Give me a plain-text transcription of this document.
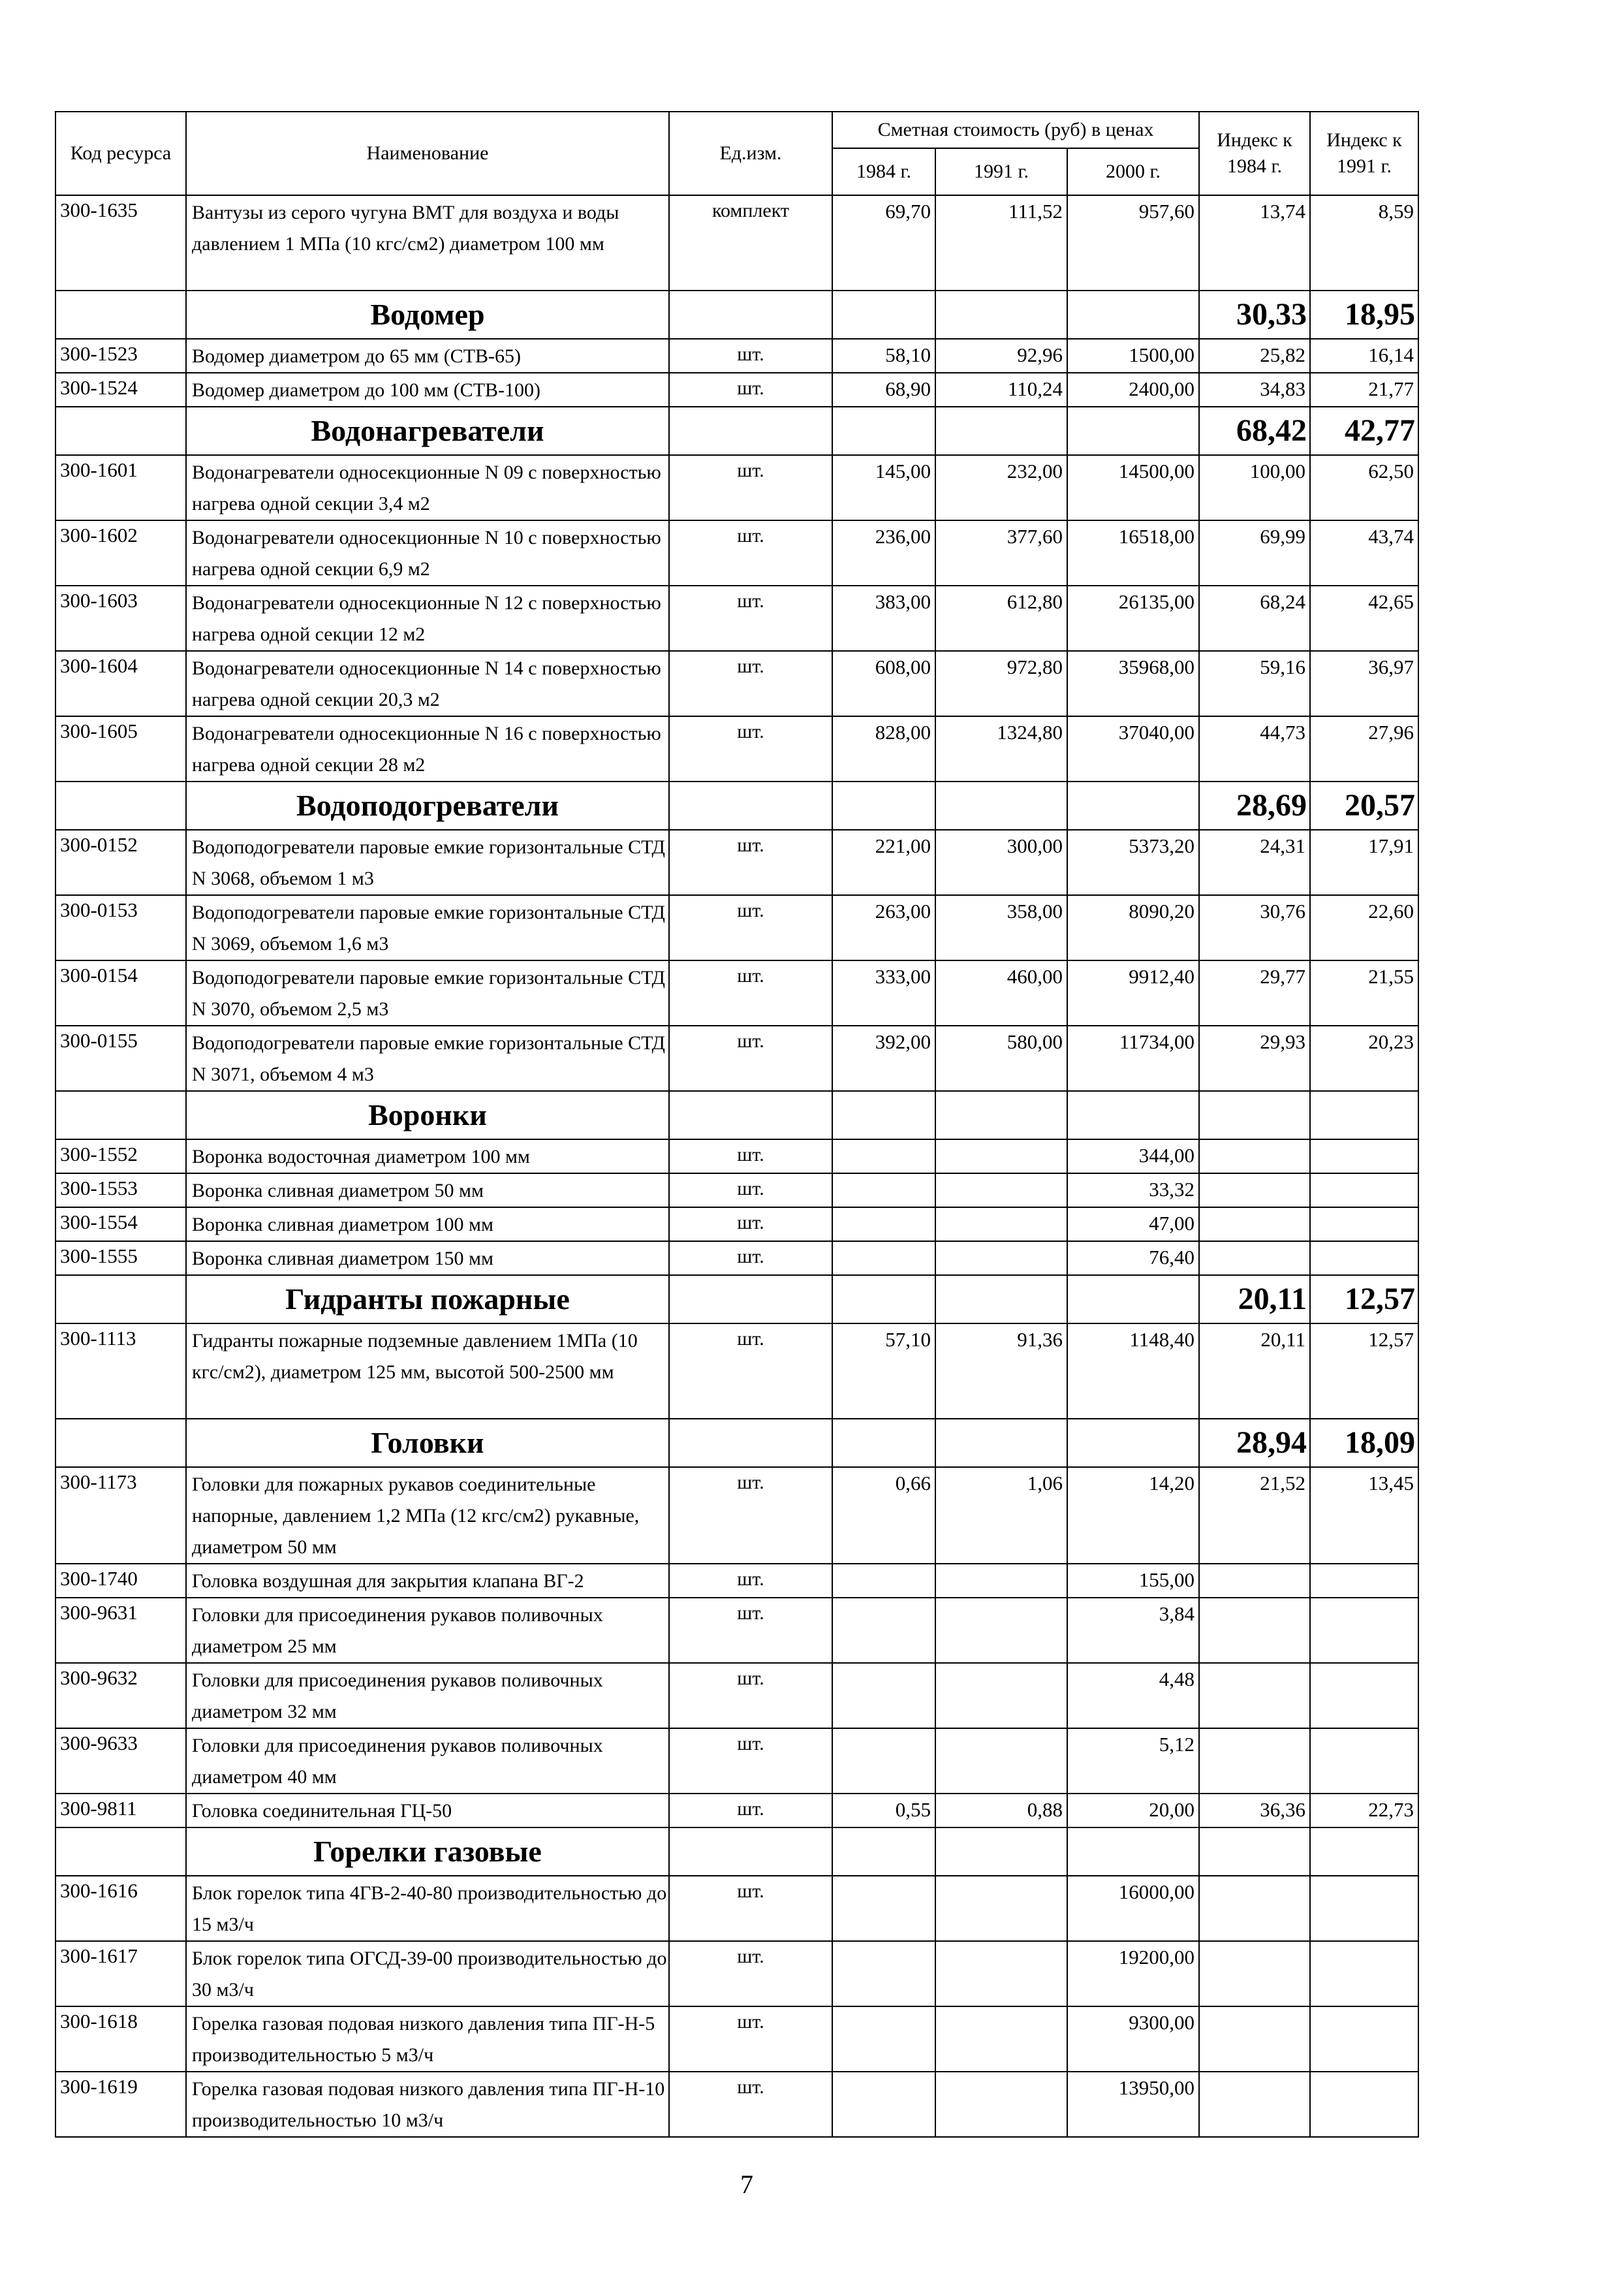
Код ресурса	Наименование	Ед.изм.	Сметная стоимость (руб) в ценах			Индекс к 1984 г.	Индекс к 1991 г.
			1984 г.	1991 г.	2000 г.		
300-1635	Вантузы из серого чугуна ВМТ для воздуха и воды давлением 1 МПа (10 кгс/см2) диаметром 100 мм	комплект	69,70	111,52	957,60	13,74	8,59
	Водомер					30,33	18,95
300-1523	Водомер диаметром до 65 мм (СТВ-65)	шт.	58,10	92,96	1500,00	25,82	16,14
300-1524	Водомер диаметром до 100 мм (СТВ-100)	шт.	68,90	110,24	2400,00	34,83	21,77
	Водонагреватели					68,42	42,77
300-1601	Водонагреватели односекционные N 09 с поверхностью нагрева одной секции 3,4 м2	шт.	145,00	232,00	14500,00	100,00	62,50
300-1602	Водонагреватели односекционные N 10 с поверхностью нагрева одной секции 6,9 м2	шт.	236,00	377,60	16518,00	69,99	43,74
300-1603	Водонагреватели односекционные N 12 с поверхностью нагрева одной секции 12 м2	шт.	383,00	612,80	26135,00	68,24	42,65
300-1604	Водонагреватели односекционные N 14 с поверхностью нагрева одной секции 20,3 м2	шт.	608,00	972,80	35968,00	59,16	36,97
300-1605	Водонагреватели односекционные N 16 с поверхностью нагрева одной секции 28 м2	шт.	828,00	1324,80	37040,00	44,73	27,96
	Водоподогреватели					28,69	20,57
300-0152	Водоподогреватели паровые емкие горизонтальные СТД N 3068, объемом 1 м3	шт.	221,00	300,00	5373,20	24,31	17,91
300-0153	Водоподогреватели паровые емкие горизонтальные СТД N 3069, объемом 1,6 м3	шт.	263,00	358,00	8090,20	30,76	22,60
300-0154	Водоподогреватели паровые емкие горизонтальные СТД N 3070, объемом 2,5 м3	шт.	333,00	460,00	9912,40	29,77	21,55
300-0155	Водоподогреватели паровые емкие горизонтальные СТД N 3071, объемом 4 м3	шт.	392,00	580,00	11734,00	29,93	20,23
	Воронки						
300-1552	Воронка водосточная диаметром 100 мм	шт.			344,00		
300-1553	Воронка сливная диаметром 50 мм	шт.			33,32		
300-1554	Воронка сливная диаметром 100 мм	шт.			47,00		
300-1555	Воронка сливная диаметром 150 мм	шт.			76,40		
	Гидранты пожарные					20,11	12,57
300-1113	Гидранты пожарные подземные давлением 1МПа (10 кгс/см2), диаметром 125 мм, высотой 500-2500 мм	шт.	57,10	91,36	1148,40	20,11	12,57
	Головки					28,94	18,09
300-1173	Головки для пожарных рукавов соединительные напорные, давлением 1,2 МПа (12 кгс/см2) рукавные, диаметром 50 мм	шт.	0,66	1,06	14,20	21,52	13,45
300-1740	Головка воздушная для закрытия клапана ВГ-2	шт.			155,00		
300-9631	Головки для присоединения рукавов поливочных диаметром 25 мм	шт.			3,84		
300-9632	Головки для присоединения рукавов поливочных диаметром 32 мм	шт.			4,48		
300-9633	Головки для присоединения рукавов поливочных диаметром 40 мм	шт.			5,12		
300-9811	Головка соединительная ГЦ-50	шт.	0,55	0,88	20,00	36,36	22,73
	Горелки газовые						
300-1616	Блок горелок типа 4ГВ-2-40-80 производительностью до 15 м3/ч	шт.			16000,00		
300-1617	Блок горелок типа ОГСД-39-00 производительностью до 30 м3/ч	шт.			19200,00		
300-1618	Горелка газовая подовая низкого давления типа ПГ-Н-5 производительностью 5 м3/ч	шт.			9300,00		
300-1619	Горелка газовая подовая низкого давления типа ПГ-Н-10 производительностью 10 м3/ч	шт.			13950,00		
7
